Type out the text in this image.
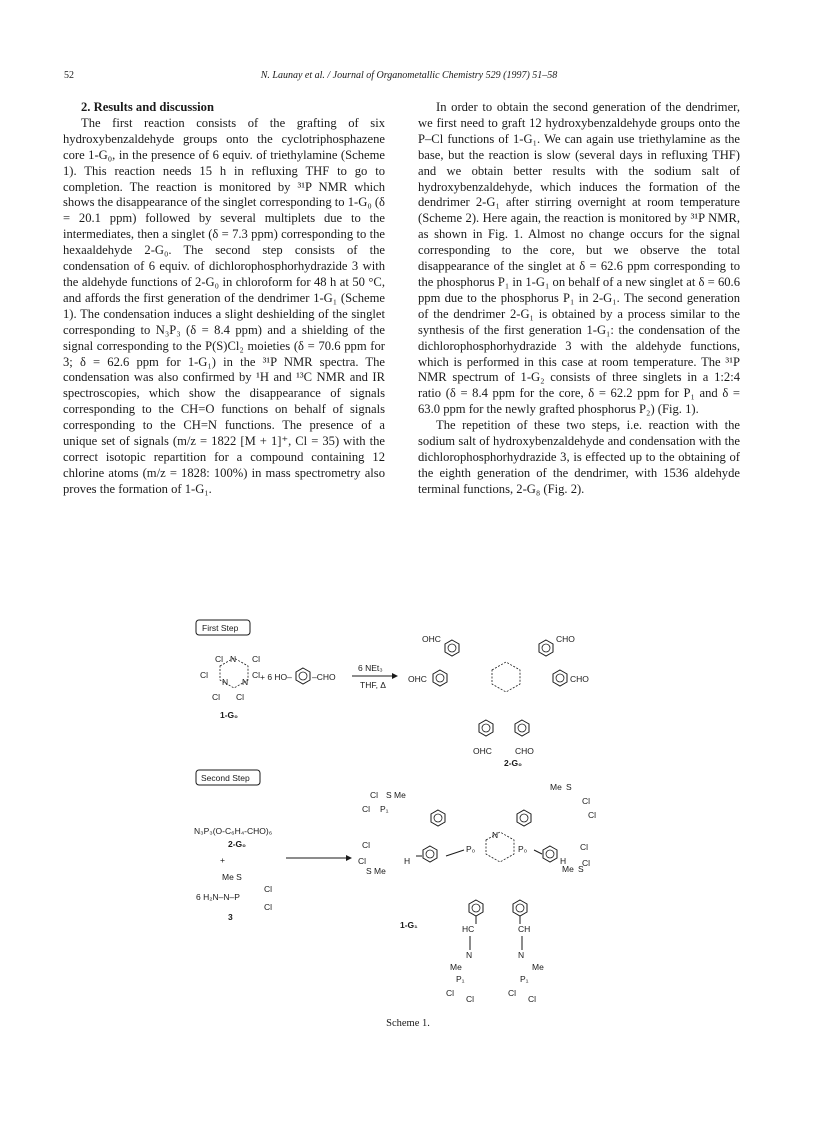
52	N. Launay et al. / Journal of Organometallic Chemistry 529 (1997) 51–58

2. Results and discussion

The first reaction consists of the grafting of six hydroxybenzaldehyde groups onto the cyclotriphosphazene core 1-G₀, in the presence of 6 equiv. of triethylamine (Scheme 1). This reaction needs 15 h in refluxing THF to go to completion. The reaction is monitored by ³¹P NMR which shows the disappearance of the singlet corresponding to 1-G₀ (δ = 20.1 ppm) followed by several multiplets due to the intermediates, then a singlet (δ = 7.3 ppm) corresponding to the hexaaldehyde 2-G₀. The second step consists of the condensation of 6 equiv. of dichlorophosphorhydrazide 3 with the aldehyde functions of 2-G₀ in chloroform for 48 h at 50 °C, and affords the first generation of the dendrimer 1-G₁ (Scheme 1). The condensation induces a slight deshielding of the singlet corresponding to N₃P₃ (δ = 8.4 ppm) and a shielding of the signal corresponding to the P(S)Cl₂ moieties (δ = 70.6 ppm for 3; δ = 62.6 ppm for 1-G₁) in the ³¹P NMR spectra. The condensation was also confirmed by ¹H and ¹³C NMR and IR spectroscopies, which show the disappearance of signals corresponding to the CH=O functions on behalf of signals corresponding to the CH=N functions. The presence of a unique set of signals (m/z = 1822 [M + 1]⁺, Cl = 35) with the correct isotopic repartition for a compound containing 12 chlorine atoms (m/z = 1828: 100%) in mass spectrometry also proves the formation of 1-G₁.

In order to obtain the second generation of the dendrimer, we first need to graft 12 hydroxybenzaldehyde groups onto the P–Cl functions of 1-G₁. We can again use triethylamine as the base, but the reaction is slow (several days in refluxing THF) and we obtain better results with the sodium salt of hydroxybenzaldehyde, which induces the formation of the dendrimer 2-G₁ after stirring overnight at room temperature (Scheme 2). Here again, the reaction is monitored by ³¹P NMR, as shown in Fig. 1. Almost no change occurs for the signal corresponding to the core, but we observe the total disappearance of the singlet at δ = 62.6 ppm corresponding to the phosphorus P₁ in 1-G₁ on behalf of a new singlet at δ = 60.6 ppm due to the phosphorus P₁ in 2-G₁. The second generation of the dendrimer 2-G₁ is obtained by a process similar to the synthesis of the first generation 1-G₁: the condensation of the dichlorophosphorhydrazide 3 with the aldehyde functions, which is performed in this case at room temperature. The ³¹P NMR spectrum of 1-G₂ consists of three singlets in a 1:2:4 ratio (δ = 8.4 ppm for the core, δ = 62.2 ppm for P₁ and δ = 63.0 ppm for the newly grafted phosphorus P₂) (Fig. 1).

The repetition of these two steps, i.e. reaction with the sodium salt of hydroxybenzaldehyde and condensation with the dichlorophosphorhydrazide 3, is effected up to the obtaining of the eighth generation of the dendrimer, with 1536 aldehyde terminal functions, 2-G₈ (Fig. 2).

First Step
Cl	Cl
Cl	Cl
Cl Cl
N
N N
1-G₀
+ 6 HO– –CHO
6 NEt₃
THF, Δ
OHC	CHO
OHC	CHO
OHC	CHO
2-G₀
Second Step
N₃P₃(O-C₆H₄-CHO)₆
2-G₀
+
Me S
6 H₂N–N–P
Cl
Cl
3
N
P₀	P₀
Cl S Me
Cl P₁
Me S
Cl
Cl
Cl
Cl
S Me
H
Cl
Cl
Me S
H
1-G₁	HC	CH
N	N
Me	Me
P₁	P₁
Cl
Cl
Cl
Cl
Scheme 1.
